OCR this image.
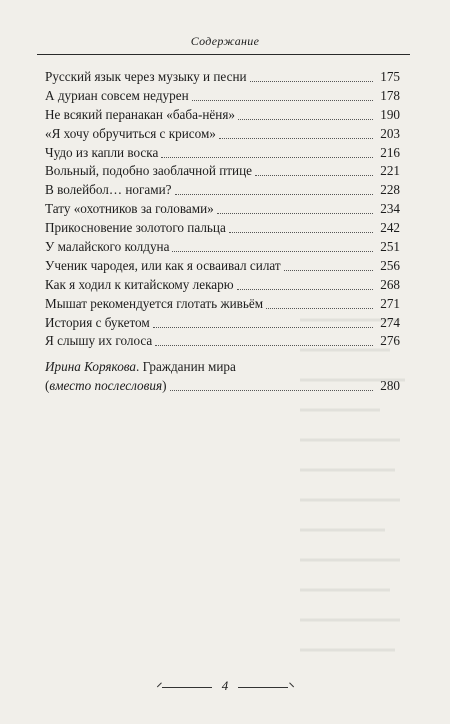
Содержание
Русский язык через музыку и песни	175
А дуриан совсем недурен	178
Не всякий перанакан «баба-нёня»	190
«Я хочу обручиться с крисом»	203
Чудо из капли воска	216
Вольный, подобно заоблачной птице	221
В волейбол… ногами?	228
Тату «охотников за головами»	234
Прикосновение золотого пальца	242
У малайского колдуна	251
Ученик чародея, или как я осваивал силат	256
Как я ходил к китайскому лекарю	268
Мышат рекомендуется глотать живьём	271
История с букетом	274
Я слышу их голоса	276
Ирина Корякова. Гражданин мира
(вместо послесловия)	280
4
